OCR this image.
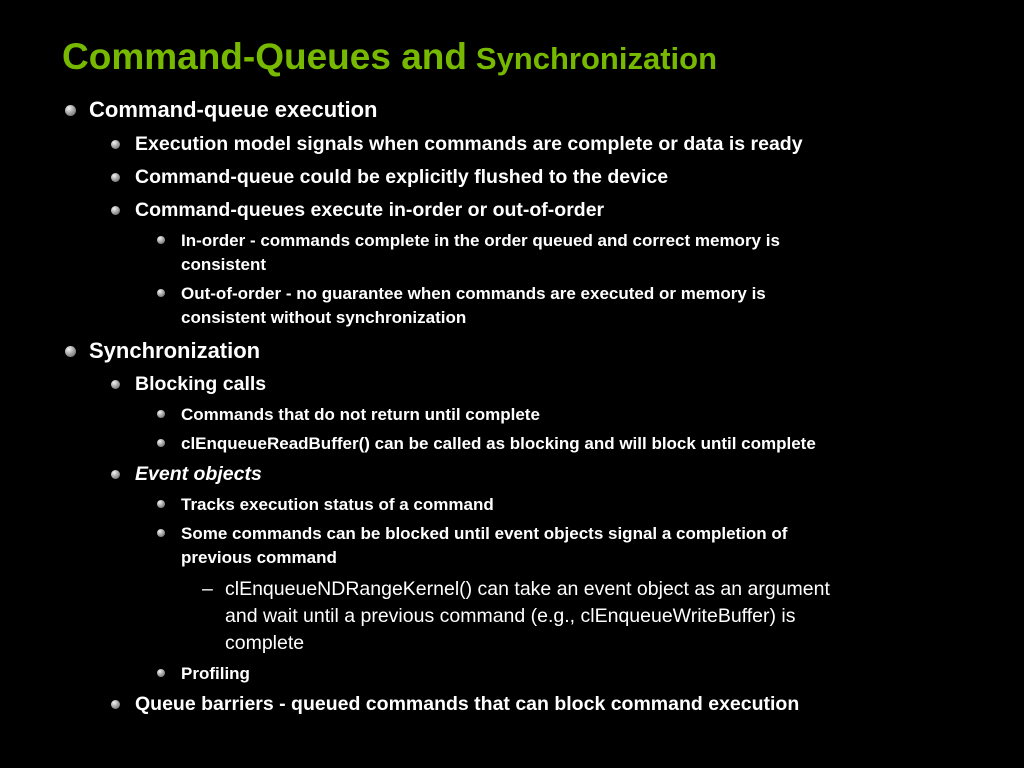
Command-Queues and Synchronization
Command-queue execution
Execution model signals when commands are complete or data is ready
Command-queue could be explicitly flushed to the device
Command-queues execute in-order or out-of-order
In-order - commands complete in the order queued and correct memory is
consistent
Out-of-order - no guarantee when commands are executed or memory is
consistent without synchronization
Synchronization
Blocking calls
Commands that do not return until complete
clEnqueueReadBuffer() can be called as blocking and will block until complete
Event objects
Tracks execution status of a command
Some commands can be blocked until event objects signal a completion of
previous command
– clEnqueueNDRangeKernel() can take an event object as an argument
and wait until a previous command (e.g., clEnqueueWriteBuffer) is
complete
Profiling
Queue barriers - queued commands that can block command execution
